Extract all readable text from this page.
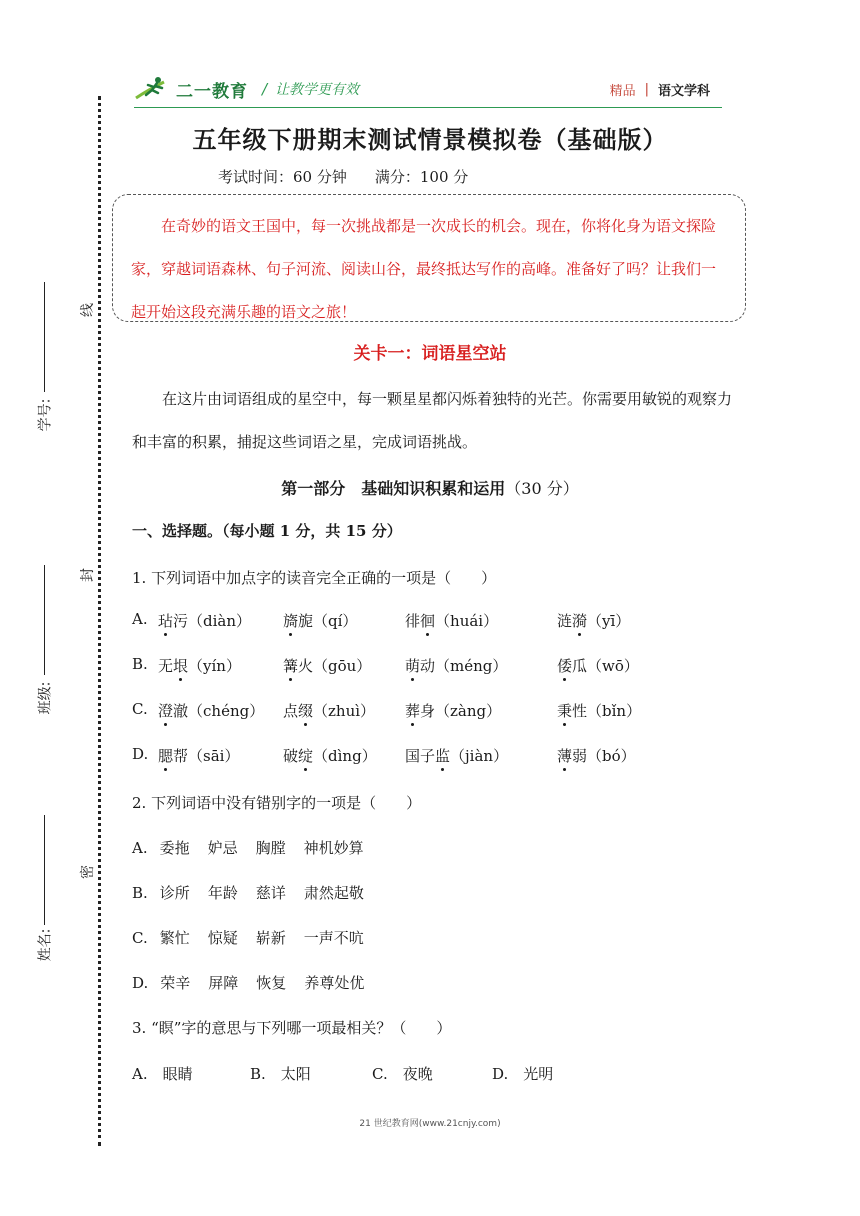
线
封
密
学号:
班级:
姓名:
二一教育 / 让教学更有效	精品 | 语文学科
五年级下册期末测试情景模拟卷（基础版）
考试时间：60 分钟 满分：100 分
在奇妙的语文王国中，每一次挑战都是一次成长的机会。现在，你将化身为语文探险家，穿越词语森林、句子河流、阅读山谷，最终抵达写作的高峰。准备好了吗？让我们一起开始这段充满乐趣的语文之旅！
关卡一：词语星空站
在这片由词语组成的星空中，每一颗星星都闪烁着独特的光芒。你需要用敏锐的观察力和丰富的积累，捕捉这些词语之星，完成词语挑战。
第一部分　基础知识积累和运用（30 分）
一、选择题。（每小题 1 分，共 15 分）
1. 下列词语中加点字的读音完全正确的一项是（　　）
A. 玷污（diàn） 旖旎（qí）	徘徊（huái）	涟漪（yī）
B. 无垠（yín）	篝火（gōu） 萌动（méng）	倭瓜（wō）
C. 澄澈（chéng） 点缀（zhuì） 葬身（zàng）	秉性（bǐn）
D. 腮帮（sāi）	破绽（dìng） 国子监（jiàn）	薄弱（bó）
2. 下列词语中没有错别字的一项是（　　）
A. 委拖 妒忌 胸膛 神机妙算
B. 诊所 年龄 慈详 肃然起敬
C. 繁忙 惊疑 崭新 一声不吭
D. 荣辛 屏障 恢复 养尊处优
3. “瞑”字的意思与下列哪一项最相关？（　　）
A.　眼睛	B.　太阳	C.　夜晚	D.　光明
21 世纪教育网(www.21cnjy.com)
